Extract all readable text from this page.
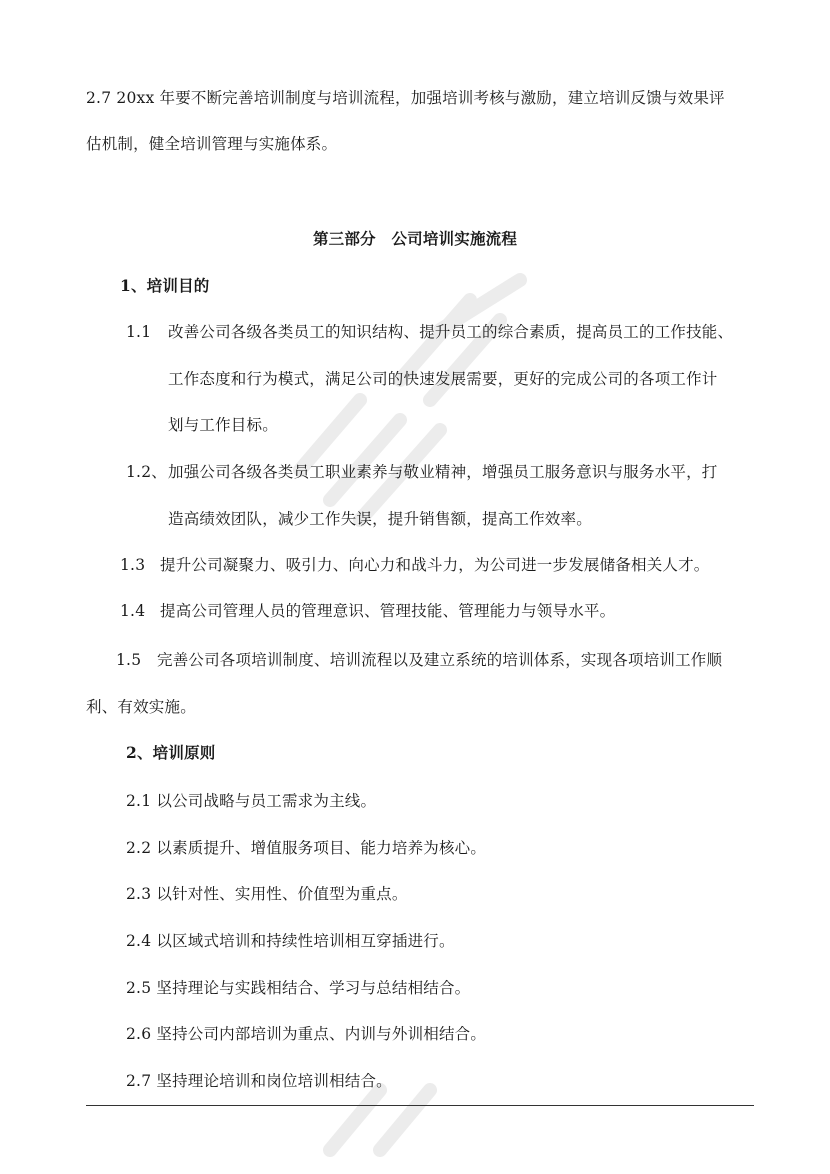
2.7 20xx 年要不断完善培训制度与培训流程，加强培训考核与激励，建立培训反馈与效果评
估机制，健全培训管理与实施体系。
第三部分　公司培训实施流程
1、培训目的
1.1 改善公司各级各类员工的知识结构、提升员工的综合素质，提高员工的工作技能、
工作态度和行为模式，满足公司的快速发展需要，更好的完成公司的各项工作计
划与工作目标。
1.2、 加强公司各级各类员工职业素养与敬业精神，增强员工服务意识与服务水平，打
造高绩效团队，减少工作失误，提升销售额，提高工作效率。
1.3 提升公司凝聚力、吸引力、向心力和战斗力，为公司进一步发展储备相关人才。
1.4 提高公司管理人员的管理意识、管理技能、管理能力与领导水平。
1.5 完善公司各项培训制度、培训流程以及建立系统的培训体系，实现各项培训工作顺
利、有效实施。
2、培训原则
2.1 以公司战略与员工需求为主线。
2.2 以素质提升、增值服务项目、能力培养为核心。
2.3 以针对性、实用性、价值型为重点。
2.4 以区域式培训和持续性培训相互穿插进行。
2.5 坚持理论与实践相结合、学习与总结相结合。
2.6 坚持公司内部培训为重点、内训与外训相结合。
2.7 坚持理论培训和岗位培训相结合。
